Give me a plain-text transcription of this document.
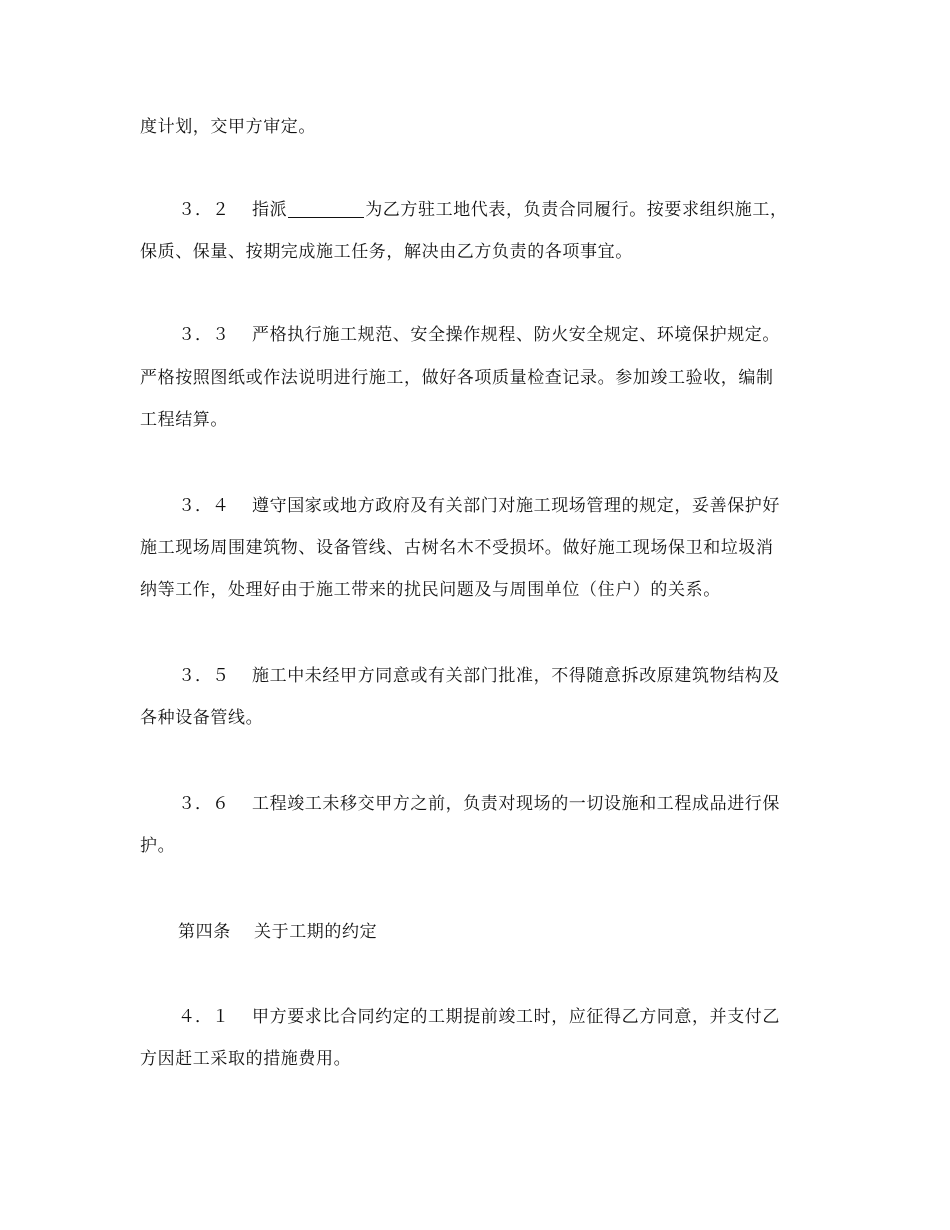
度计划，交甲方审定。
３．２ 指派	为乙方驻工地代表，负责合同履行。按要求组织施工，
保质、保量、按期完成施工任务，解决由乙方负责的各项事宜。
３．３ 严格执行施工规范、安全操作规程、防火安全规定、环境保护规定。
严格按照图纸或作法说明进行施工，做好各项质量检查记录。参加竣工验收，编制
工程结算。
３．４ 遵守国家或地方政府及有关部门对施工现场管理的规定，妥善保护好
施工现场周围建筑物、设备管线、古树名木不受损坏。做好施工现场保卫和垃圾消
纳等工作，处理好由于施工带来的扰民问题及与周围单位（住户）的关系。
３．５ 施工中未经甲方同意或有关部门批准，不得随意拆改原建筑物结构及
各种设备管线。
３．６ 工程竣工未移交甲方之前，负责对现场的一切设施和工程成品进行保
护。
第四条 关于工期的约定
４．１ 甲方要求比合同约定的工期提前竣工时，应征得乙方同意，并支付乙
方因赶工采取的措施费用。
